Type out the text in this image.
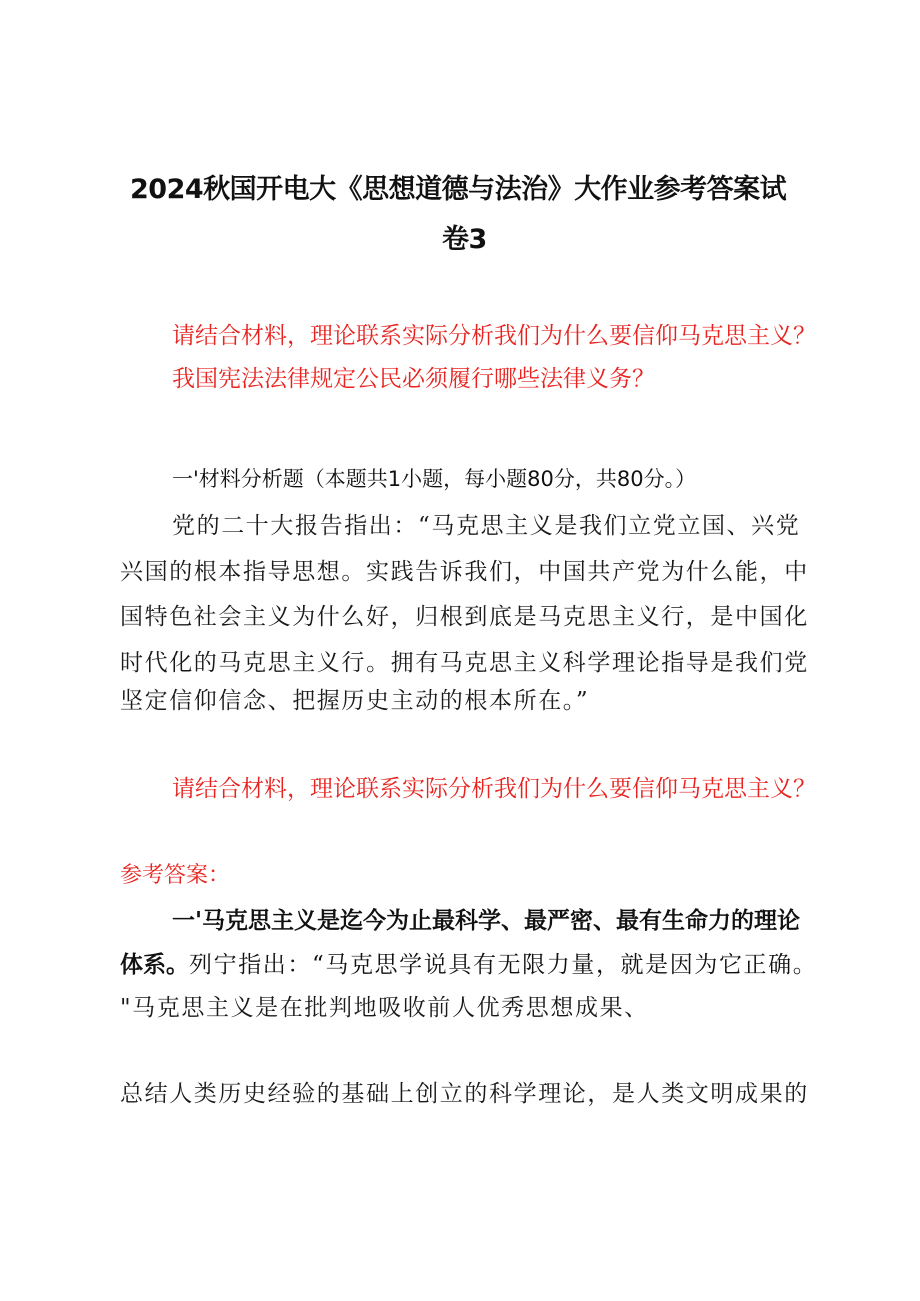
2024秋国开电大《思想道德与法治》大作业参考答案试
卷3

请结合材料，理论联系实际分析我们为什么要信仰马克思主义？

我国宪法法律规定公民必须履行哪些法律义务？

一'材料分析题（本题共1小题，每小题80分，共80分。）

党的二十大报告指出：“马克思主义是我们立党立国、兴党

兴国的根本指导思想。实践告诉我们，中国共产党为什么能，中

国特色社会主义为什么好，归根到底是马克思主义行，是中国化

时代化的马克思主义行。拥有马克思主义科学理论指导是我们党

坚定信仰信念、把握历史主动的根本所在。”

请结合材料，理论联系实际分析我们为什么要信仰马克思主义？

参考答案：

一'马克思主义是迄今为止最科学、最严密、最有生命力的理论

体系。列宁指出：“马克思学说具有无限力量，就是因为它正确。

"马克思主义是在批判地吸收前人优秀思想成果、

总结人类历史经验的基础上创立的科学理论，是人类文明成果的
